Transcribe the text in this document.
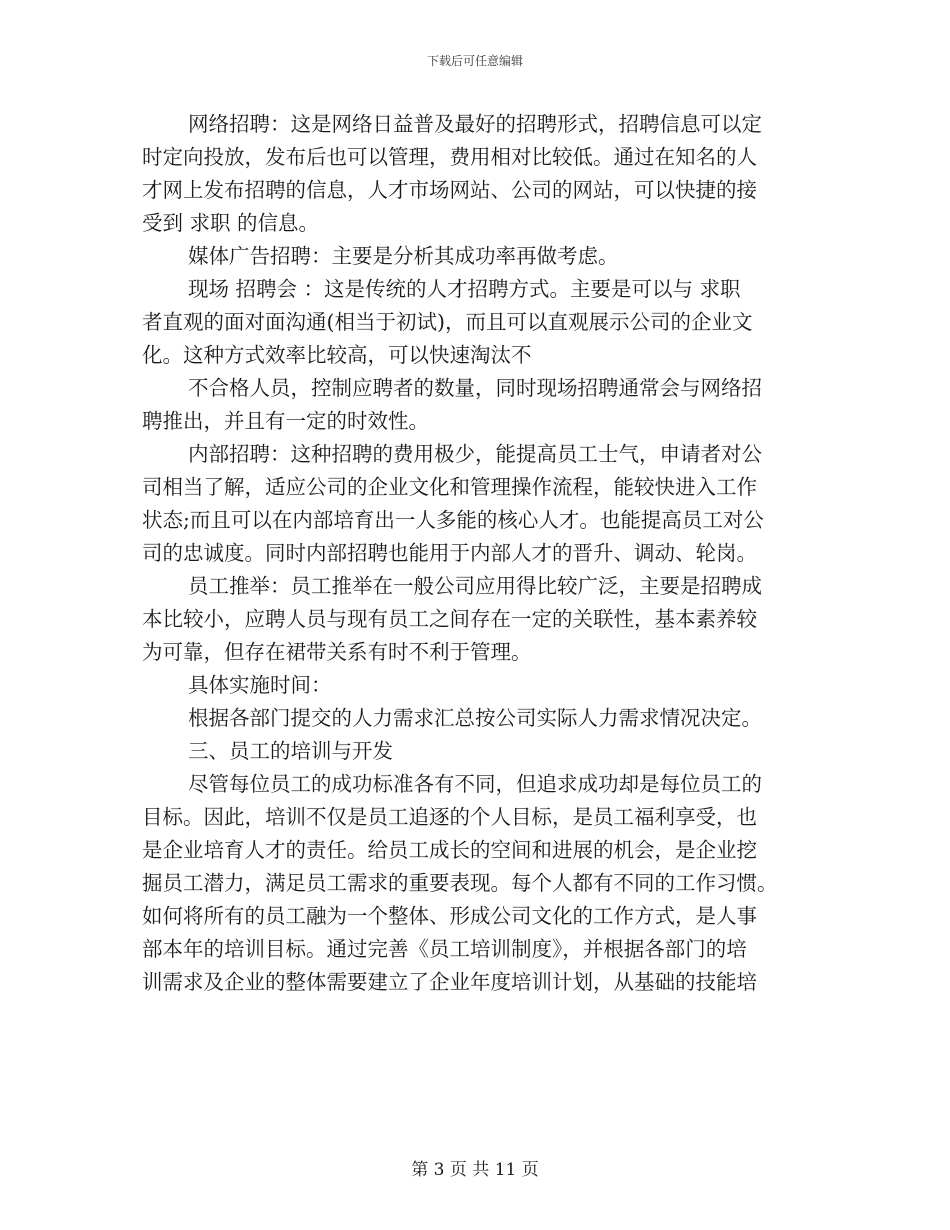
下载后可任意编辑
网络招聘：这是网络日益普及最好的招聘形式，招聘信息可以定
时定向投放，发布后也可以管理，费用相对比较低。通过在知名的人
才网上发布招聘的信息，人才市场网站、公司的网站，可以快捷的接
受到 求职 的信息。
媒体广告招聘：主要是分析其成功率再做考虑。
现场 招聘会 ：这是传统的人才招聘方式。主要是可以与 求职
者直观的面对面沟通(相当于初试)，而且可以直观展示公司的企业文
化。这种方式效率比较高，可以快速淘汰不
不合格人员，控制应聘者的数量，同时现场招聘通常会与网络招
聘推出，并且有一定的时效性。
内部招聘：这种招聘的费用极少，能提高员工士气，申请者对公
司相当了解，适应公司的企业文化和管理操作流程，能较快进入工作
状态;而且可以在内部培育出一人多能的核心人才。也能提高员工对公
司的忠诚度。同时内部招聘也能用于内部人才的晋升、调动、轮岗。
员工推举：员工推举在一般公司应用得比较广泛，主要是招聘成
本比较小，应聘人员与现有员工之间存在一定的关联性，基本素养较
为可靠，但存在裙带关系有时不利于管理。
具体实施时间：
根据各部门提交的人力需求汇总按公司实际人力需求情况决定。
三、员工的培训与开发
尽管每位员工的成功标准各有不同，但追求成功却是每位员工的
目标。因此，培训不仅是员工追逐的个人目标，是员工福利享受，也
是企业培育人才的责任。给员工成长的空间和进展的机会，是企业挖
掘员工潜力，满足员工需求的重要表现。每个人都有不同的工作习惯。
如何将所有的员工融为一个整体、形成公司文化的工作方式，是人事
部本年的培训目标。通过完善《员工培训制度》，并根据各部门的培
训需求及企业的整体需要建立了企业年度培训计划，从基础的技能培
第 3 页 共 11 页
